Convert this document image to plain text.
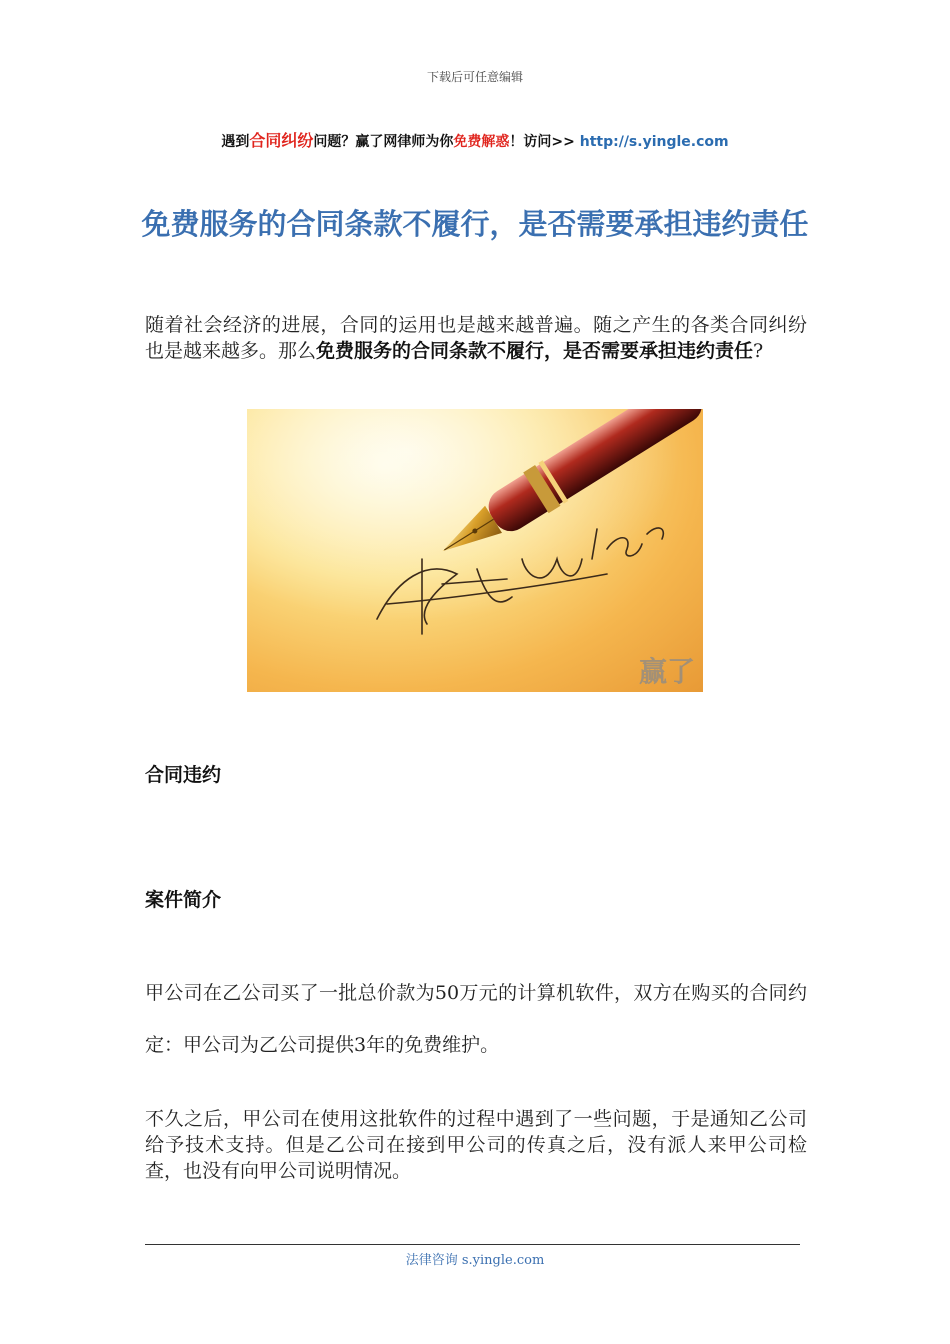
下载后可任意编辑
遇到合同纠纷问题？赢了网律师为你免费解惑！访问>> http://s.yingle.com
免费服务的合同条款不履行，是否需要承担违约责任
随着社会经济的进展，合同的运用也是越来越普遍。随之产生的各类合同纠纷也是越来越多。那么免费服务的合同条款不履行，是否需要承担违约责任?
赢了
合同违约
案件简介
甲公司在乙公司买了一批总价款为50万元的计算机软件，双方在购买的合同约定：甲公司为乙公司提供3年的免费维护。
不久之后，甲公司在使用这批软件的过程中遇到了一些问题，于是通知乙公司给予技术支持。但是乙公司在接到甲公司的传真之后，没有派人来甲公司检查，也没有向甲公司说明情况。
法律咨询 s.yingle.com
